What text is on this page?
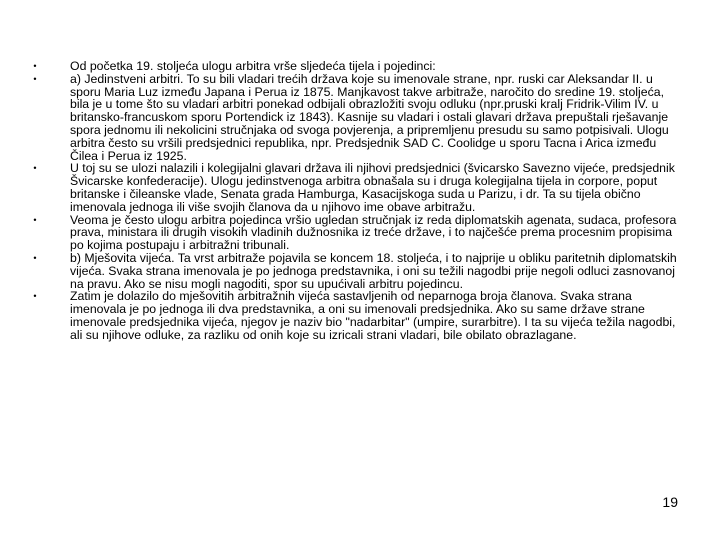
•	Od početka 19. stoljeća ulogu arbitra vrše sljedeća tijela i pojedinci:
•	a) Jedinstveni arbitri. To su bili vladari trećih država koje su imenovale strane, npr. ruski car Aleksandar II. u sporu Maria Luz između Japana i Perua iz 1875. Manjkavost takve arbitraže, naročito do sredine 19. stoljeća, bila je u tome što su vladari arbitri ponekad odbijali obrazložiti svoju odluku (npr.pruski kralj Fridrik-Vilim IV. u britansko-francuskom sporu Portendick iz 1843). Kasnije su vladari i ostali glavari država prepuštali rješavanje spora jednomu ili nekolicini stručnjaka od svoga povjerenja, a pripremljenu presudu su samo potpisivali. Ulogu arbitra često su vršili predsjednici republika, npr. Predsjednik SAD C. Coolidge u sporu Tacna i Arica između Čilea i Perua iz 1925.
•	U toj su se ulozi nalazili i kolegijalni glavari država ili njihovi predsjednici (švicarsko Savezno vijeće, predsjednik Švicarske konfederacije). Ulogu jedinstvenoga arbitra obnašala su i druga kolegijalna tijela in corpore, poput britanske i čileanske vlade, Senata grada Hamburga, Kasacijskoga suda u Parizu, i dr. Ta su tijela obično imenovala jednoga ili više svojih članova da u njihovo ime obave arbitražu.
•	Veoma je često ulogu arbitra pojedinca vršio ugledan stručnjak iz reda diplomatskih agenata, sudaca, profesora prava, ministara ili drugih visokih vladinih dužnosnika iz treće države, i to najčešće prema procesnim propisima po kojima postupaju i arbitražni tribunali.
•	b) Mješovita vijeća. Ta vrst arbitraže pojavila se koncem 18. stoljeća, i to najprije u obliku paritetnih diplomatskih vijeća. Svaka strana imenovala je po jednoga predstavnika, i oni su težili nagodbi prije negoli odluci zasnovanoj na pravu. Ako se nisu mogli nagoditi, spor su upućivali arbitru pojedincu.
•	Zatim je dolazilo do mješovitih arbitražnih vijeća sastavljenih od neparnoga broja članova. Svaka strana imenovala je po jednoga ili dva predstavnika, a oni su imenovali predsjednika. Ako su same države strane imenovale predsjednika vijeća, njegov je naziv bio "nadarbitar" (umpire, surarbitre). I ta su vijeća težila nagodbi, ali su njihove odluke, za razliku od onih koje su izricali strani vladari, bile obilato obrazlagane.
19
